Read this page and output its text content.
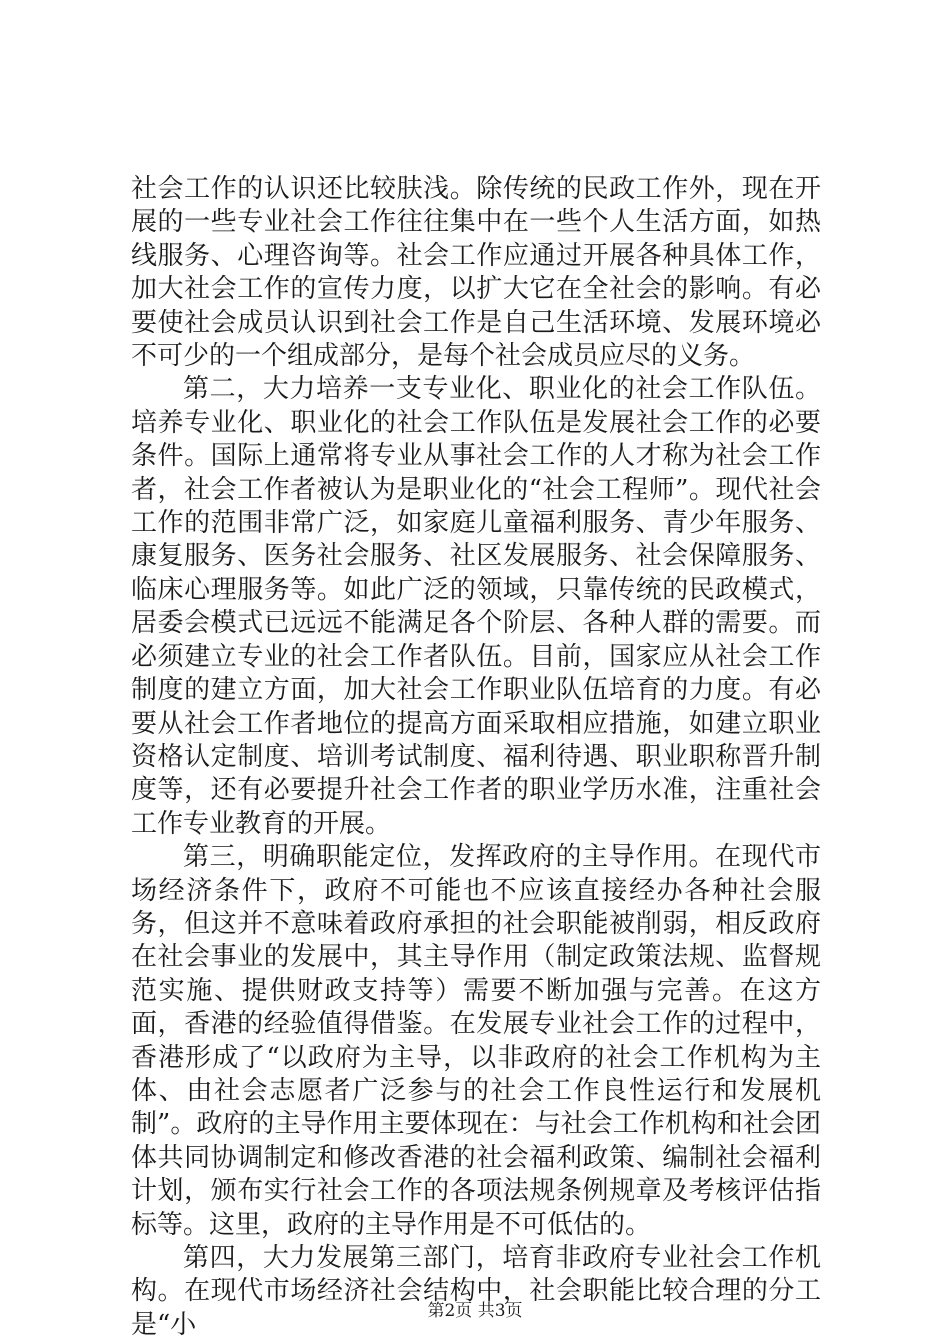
社会工作的认识还比较肤浅。除传统的民政工作外，现在开展的一些专业社会工作往往集中在一些个人生活方面，如热线服务、心理咨询等。社会工作应通过开展各种具体工作，加大社会工作的宣传力度，以扩大它在全社会的影响。有必要使社会成员认识到社会工作是自己生活环境、发展环境必不可少的一个组成部分，是每个社会成员应尽的义务。

第二，大力培养一支专业化、职业化的社会工作队伍。培养专业化、职业化的社会工作队伍是发展社会工作的必要条件。国际上通常将专业从事社会工作的人才称为社会工作者，社会工作者被认为是职业化的“社会工程师”。现代社会工作的范围非常广泛，如家庭儿童福利服务、青少年服务、康复服务、医务社会服务、社区发展服务、社会保障服务、临床心理服务等。如此广泛的领域，只靠传统的民政模式，居委会模式已远远不能满足各个阶层、各种人群的需要。而必须建立专业的社会工作者队伍。目前，国家应从社会工作制度的建立方面，加大社会工作职业队伍培育的力度。有必要从社会工作者地位的提高方面采取相应措施，如建立职业资格认定制度、培训考试制度、福利待遇、职业职称晋升制度等，还有必要提升社会工作者的职业学历水准，注重社会工作专业教育的开展。

第三，明确职能定位，发挥政府的主导作用。在现代市场经济条件下，政府不可能也不应该直接经办各种社会服务，但这并不意味着政府承担的社会职能被削弱，相反政府在社会事业的发展中，其主导作用（制定政策法规、监督规范实施、提供财政支持等）需要不断加强与完善。在这方面，香港的经验值得借鉴。在发展专业社会工作的过程中，香港形成了“以政府为主导，以非政府的社会工作机构为主体、由社会志愿者广泛参与的社会工作良性运行和发展机制”。政府的主导作用主要体现在：与社会工作机构和社会团体共同协调制定和修改香港的社会福利政策、编制社会福利计划，颁布实行社会工作的各项法规条例规章及考核评估指标等。这里，政府的主导作用是不可低估的。

第四，大力发展第三部门，培育非政府专业社会工作机构。在现代市场经济社会结构中，社会职能比较合理的分工是“小	第2页 共3页
